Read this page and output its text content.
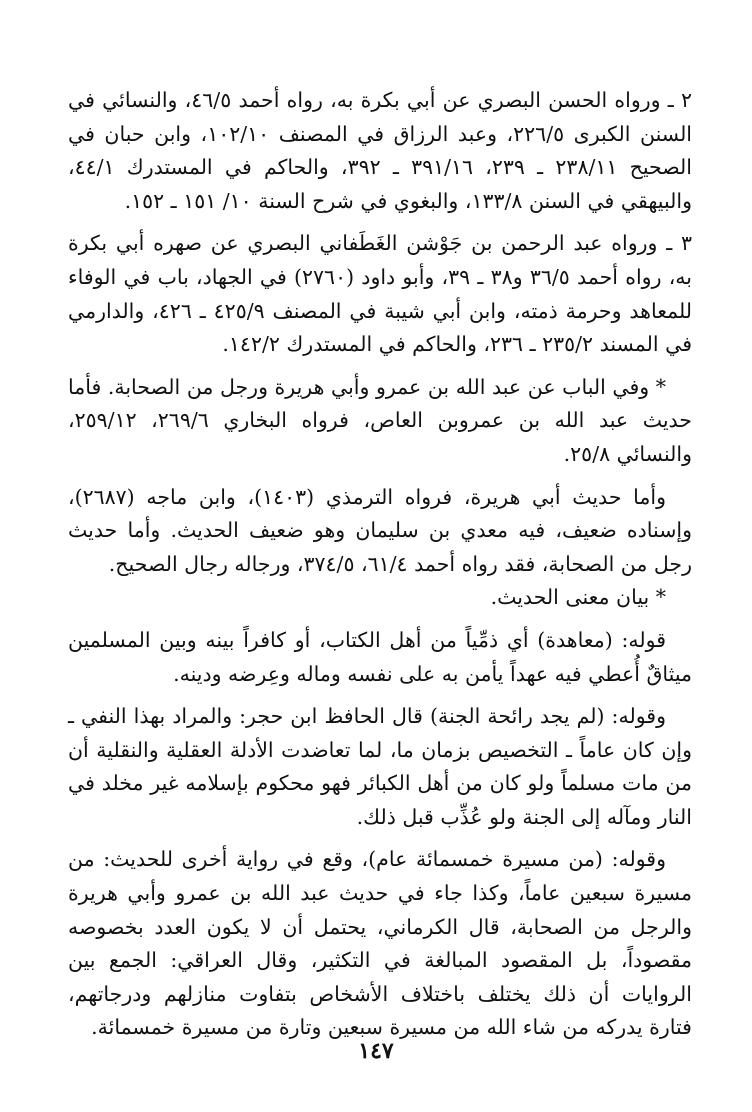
٢ ـ ورواه الحسن البصري عن أبي بكرة به، رواه أحمد ٤٦/٥، والنسائي في السنن الكبرى ٢٢٦/٥، وعبد الرزاق في المصنف ١٠٢/١٠، وابن حبان في الصحيح ٢٣٨/١١ ـ ٢٣٩، ٣٩١/١٦ ـ ٣٩٢، والحاكم في المستدرك ٤٤/١، والبيهقي في السنن ١٣٣/٨، والبغوي في شرح السنة ١٠/ ١٥١ ـ ١٥٢.

٣ ـ ورواه عبد الرحمن بن جَوْشن الغَطَفاني البصري عن صهره أبي بكرة به، رواه أحمد ٣٦/٥ و٣٨ ـ ٣٩، وأبو داود (٢٧٦٠) في الجهاد، باب في الوفاء للمعاهد وحرمة ذمته، وابن أبي شيبة في المصنف ٤٢٥/٩ ـ ٤٢٦، والدارمي في المسند ٢٣٥/٢ ـ ٢٣٦، والحاكم في المستدرك ١٤٢/٢.

* وفي الباب عن عبد الله بن عمرو وأبي هريرة ورجل من الصحابة. فأما حديث عبد الله بن عمروبن العاص، فرواه البخاري ٢٦٩/٦، ٢٥٩/١٢، والنسائي ٢٥/٨.

وأما حديث أبي هريرة، فرواه الترمذي (١٤٠٣)، وابن ماجه (٢٦٨٧)، وإسناده ضعيف، فيه معدي بن سليمان وهو ضعيف الحديث. وأما حديث رجل من الصحابة، فقد رواه أحمد ٦١/٤، ٣٧٤/٥، ورجاله رجال الصحيح.

* بيان معنى الحديث.

قوله: (معاهدة) أي ذمِّياً من أهل الكتاب، أو كافراً بينه وبين المسلمين ميثاقٌ أُعطي فيه عهداً يأمن به على نفسه وماله وعِرضه ودينه.

وقوله: (لم يجد رائحة الجنة) قال الحافظ ابن حجر: والمراد بهذا النفي ـ وإن كان عاماً ـ التخصيص بزمان ما، لما تعاضدت الأدلة العقلية والنقلية أن من مات مسلماً ولو كان من أهل الكبائر فهو محكوم بإسلامه غير مخلد في النار ومآله إلى الجنة ولو عُذِّب قبل ذلك.

وقوله: (من مسيرة خمسمائة عام)، وقع في رواية أخرى للحديث: من مسيرة سبعين عاماً، وكذا جاء في حديث عبد الله بن عمرو وأبي هريرة والرجل من الصحابة، قال الكرماني، يحتمل أن لا يكون العدد بخصوصه مقصوداً، بل المقصود المبالغة في التكثير، وقال العراقي: الجمع بين الروايات أن ذلك يختلف باختلاف الأشخاص بتفاوت منازلهم ودرجاتهم، فتارة يدركه من شاء الله من مسيرة سبعين وتارة من مسيرة خمسمائة.

١٤٧
